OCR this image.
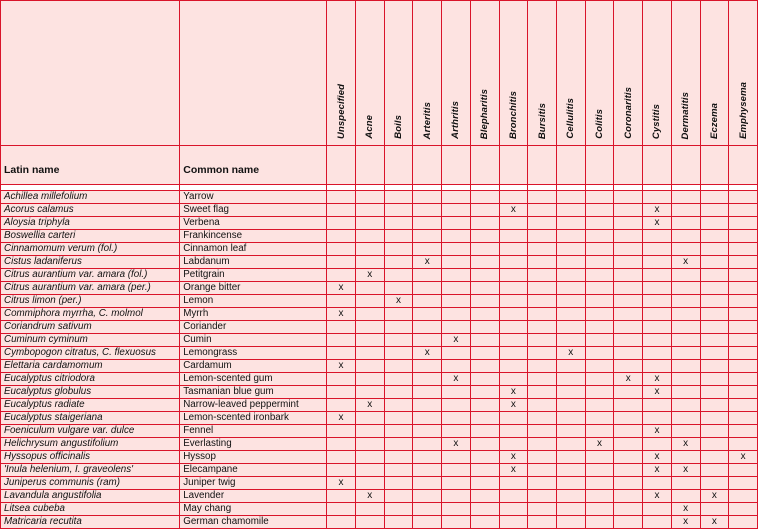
		Unspecified	Acne	Boils	Arteritis	Arthritis	Blepharitis	Bronchitis	Bursitis	Cellulitis	Colitis	Coronaritis	Cystitis	Dermatitis	Eczema	Emphysema

Latin name	Common name															

Achillea millefolium	Yarrow															
Acorus calamus	Sweet flag							x					x			
Aloysia triphyla	Verbena												x			
Boswellia carteri	Frankincense															
Cinnamomum verum (fol.)	Cinnamon leaf															
Cistus ladaniferus	Labdanum				x									x		
Citrus aurantium var. amara (fol.)	Petitgrain		x													
Citrus aurantium var. amara (per.)	Orange bitter	x														
Citrus limon (per.)	Lemon			x												
Commiphora myrrha, C. molmol	Myrrh	x														
Coriandrum sativum	Coriander															
Cuminum cyminum	Cumin					x										
Cymbopogon citratus, C. flexuosus	Lemongrass				x					x						
Elettaria cardamomum	Cardamum	x														
Eucalyptus citriodora	Lemon-scented gum					x						x	x			
Eucalyptus globulus	Tasmanian blue gum							x					x			
Eucalyptus radiate	Narrow-leaved peppermint		x					x								
Eucalyptus staigeriana	Lemon-scented ironbark	x														
Foeniculum vulgare var. dulce	Fennel												x			
Helichrysum angustifolium	Everlasting					x					x			x		
Hyssopus officinalis	Hyssop							x					x			x
'Inula helenium, I. graveolens'	Elecampane							x					x	x		
Juniperus communis (ram)	Juniper twig	x														
Lavandula angustifolia	Lavender		x										x		x	
Litsea cubeba	May chang													x		
Matricaria recutita	German chamomile													x	x	
